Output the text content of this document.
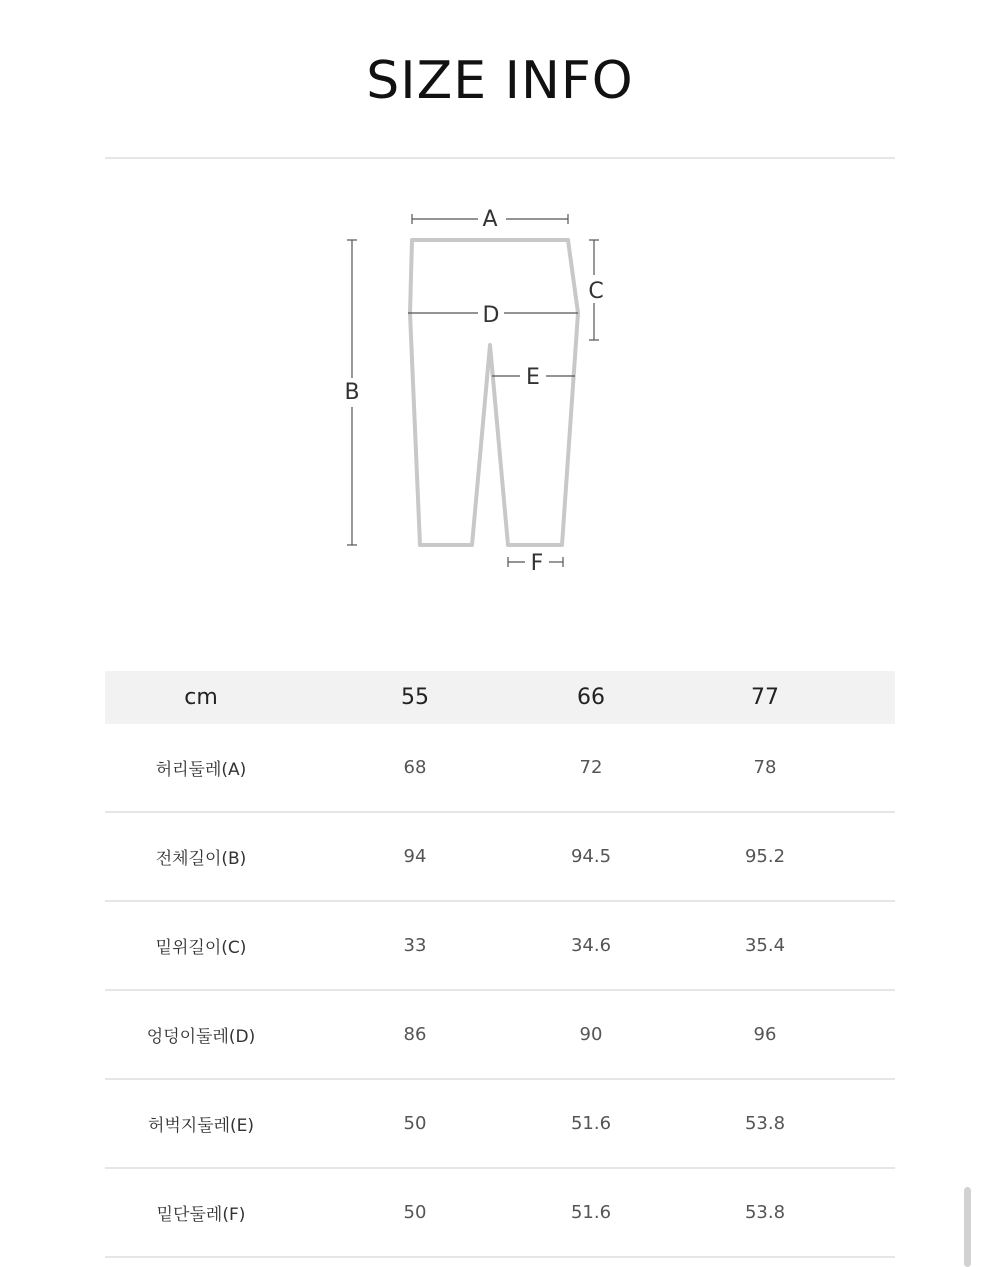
SIZE INFO
A
B
C
D
E
F
cm	55	66	77
허리둘레(A)	68	72	78
전체길이(B)	94	94.5	95.2
밑위길이(C)	33	34.6	35.4
엉덩이둘레(D)	86	90	96
허벅지둘레(E)	50	51.6	53.8
밑단둘레(F)	50	51.6	53.8
